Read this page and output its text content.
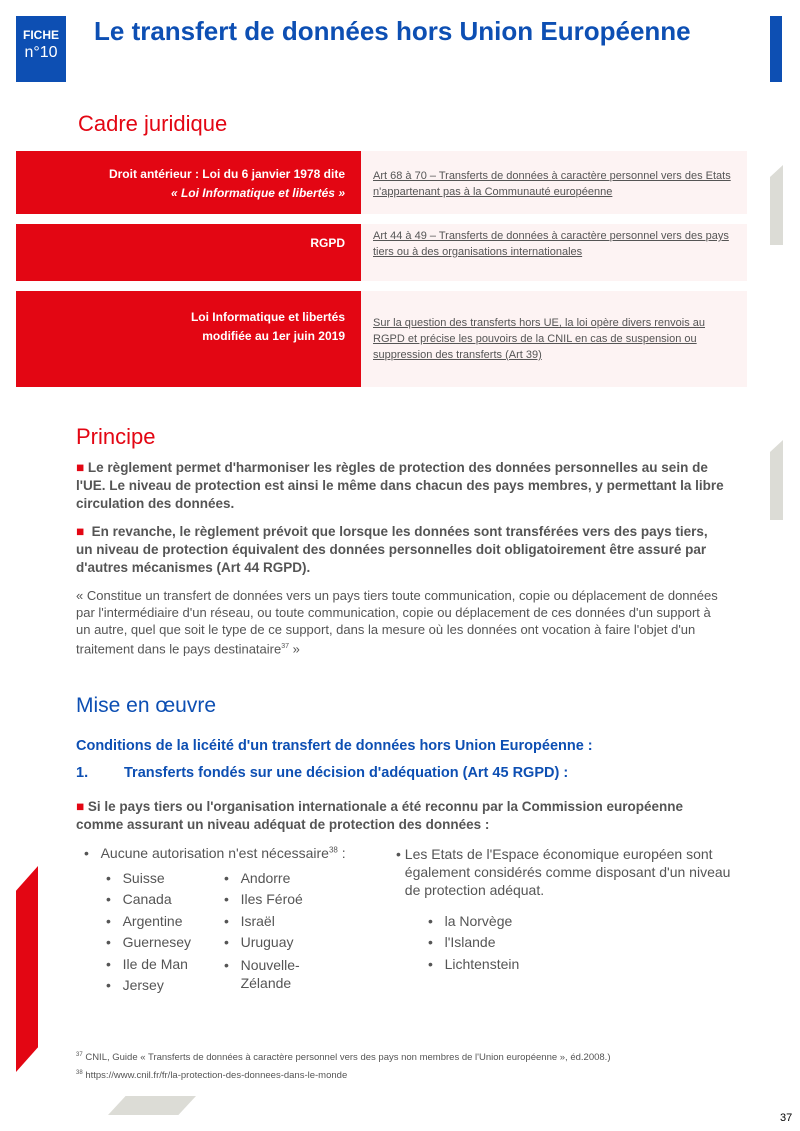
FICHE
n°10
Le transfert de données hors Union Européenne
Cadre juridique
Droit antérieur : Loi du 6 janvier 1978 dite
« Loi Informatique et libertés »
Art 68 à 70 – Transferts de données à caractère personnel vers des Etats n'appartenant pas à la Communauté européenne
RGPD	Art 44 à 49 – Transferts de données à caractère personnel vers des pays tiers ou à des organisations internationales
Loi Informatique et libertés
modifiée au 1er juin 2019
Sur la question des transferts hors UE, la loi opère divers renvois au RGPD et précise les pouvoirs de la CNIL en cas de suspension ou suppression des transferts (Art 39)
Principe
■ Le règlement permet d'harmoniser les règles de protection des données personnelles au sein de l'UE. Le niveau de protection est ainsi le même dans chacun des pays membres, y permettant la libre circulation des données.
■ En revanche, le règlement prévoit que lorsque les données sont transférées vers des pays tiers, un niveau de protection équivalent des données personnelles doit obligatoirement être assuré par d'autres mécanismes (Art 44 RGPD).
« Constitue un transfert de données vers un pays tiers toute communication, copie ou déplacement de données par l'intermédiaire d'un réseau, ou toute communication, copie ou déplacement de ces données d'un support à un autre, quel que soit le type de ce support, dans la mesure où les données ont vocation à faire l'objet d'un traitement dans le pays destinataire$^{37}$ »
Mise en œuvre
Conditions de la licéité d'un transfert de données hors Union Européenne :
1. Transferts fondés sur une décision d'adéquation (Art 45 RGPD) :
■ Si le pays tiers ou l'organisation internationale a été reconnu par la Commission européenne comme assurant un niveau adéquat de protection des données :
•   Aucune autorisation n'est nécessaire$^{38}$ :
•   Suisse
•   Canada
•   Argentine
•   Guernesey
•   Ile de Man
•   Jersey
•   Andorre
•   Iles Féroé
•   Israël
•   Uruguay
• Nouvelle-Zélande
• Les Etats de l'Espace économique européen sont également considérés comme disposant d'un niveau de protection adéquat.
•   la Norvège
•   l'Islande
•   Lichtenstein
$^{37}$ CNIL, Guide « Transferts de données à caractère personnel vers des pays non membres de l'Union européenne », éd.2008.)
$^{38}$ https://www.cnil.fr/fr/la-protection-des-donnees-dans-le-monde
37
